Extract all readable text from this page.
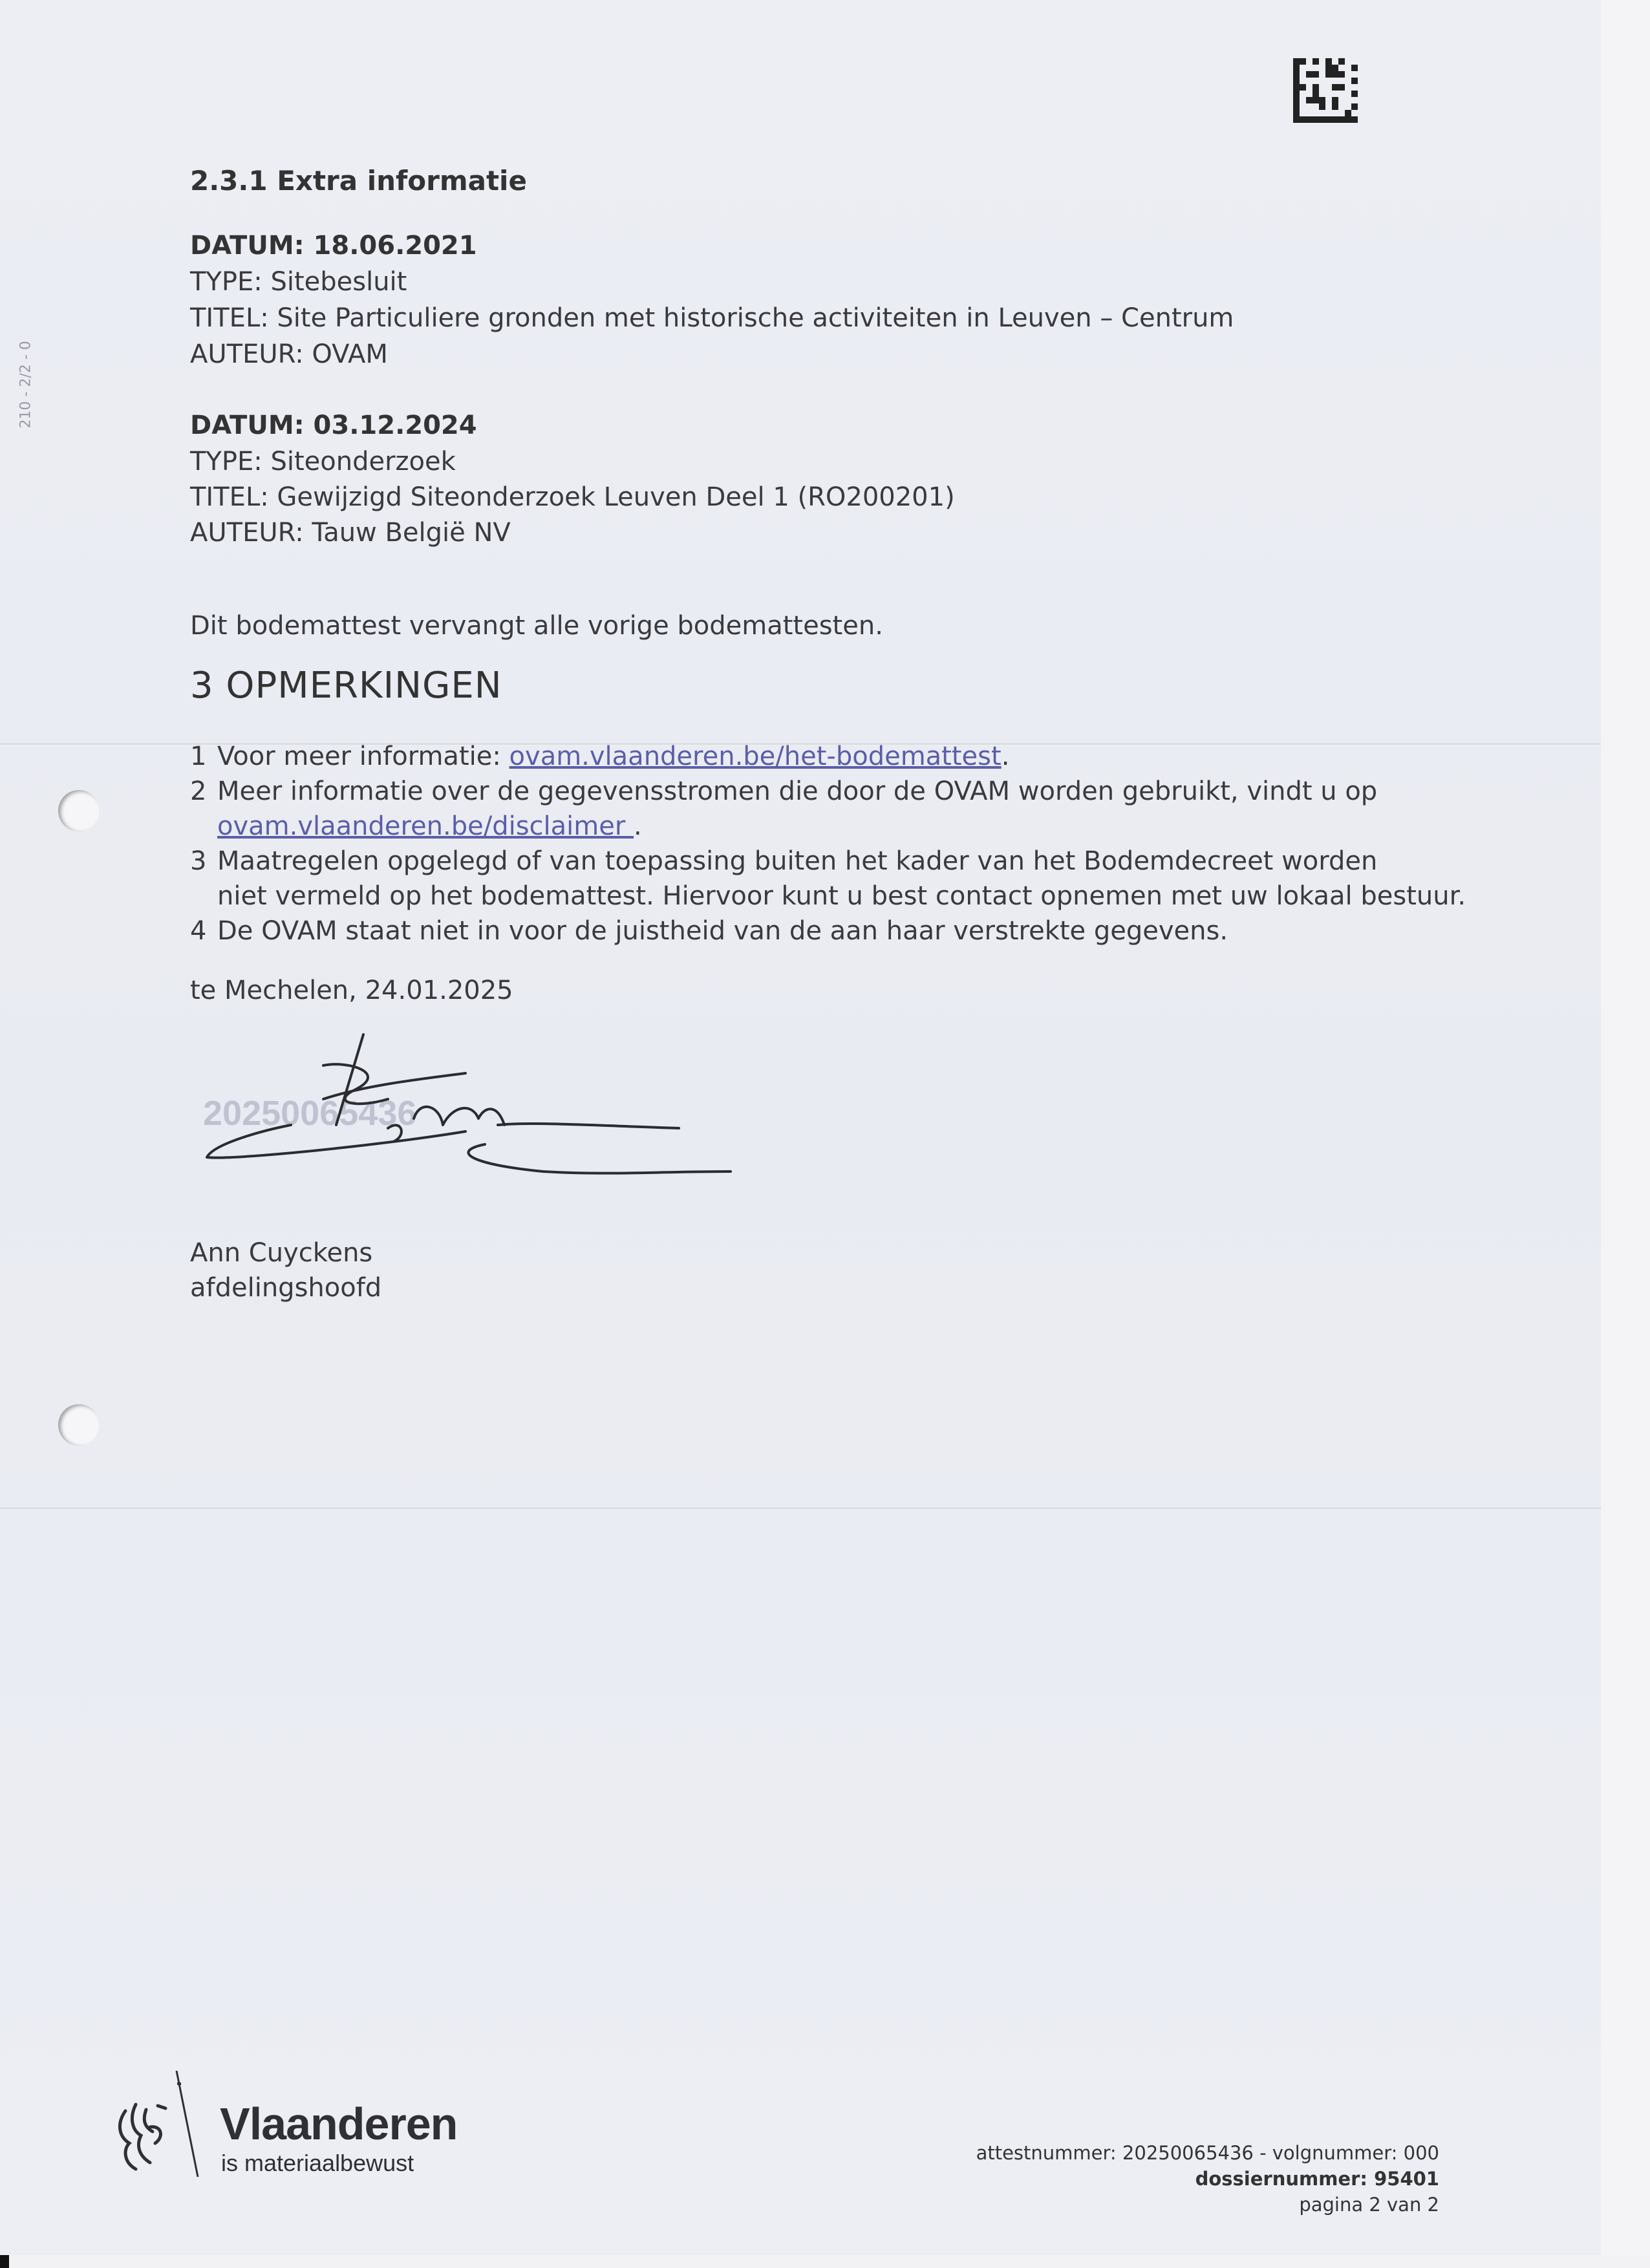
210 - 2/2 - 0
2.3.1 Extra informatie
DATUM: 18.06.2021
TYPE: Sitebesluit
TITEL: Site Particuliere gronden met historische activiteiten in Leuven – Centrum
AUTEUR: OVAM
DATUM: 03.12.2024
TYPE: Siteonderzoek
TITEL: Gewijzigd Siteonderzoek Leuven Deel 1 (RO200201)
AUTEUR: Tauw België NV
Dit bodemattest vervangt alle vorige bodemattesten.
3 OPMERKINGEN
1 Voor meer informatie: ovam.vlaanderen.be/het-bodemattest.
2 Meer informatie over de gegevensstromen die door de OVAM worden gebruikt, vindt u op
ovam.vlaanderen.be/disclaimer .
3 Maatregelen opgelegd of van toepassing buiten het kader van het Bodemdecreet worden
niet vermeld op het bodemattest. Hiervoor kunt u best contact opnemen met uw lokaal bestuur.
4 De OVAM staat niet in voor de juistheid van de aan haar verstrekte gegevens.
te Mechelen, 24.01.2025
20250065436
Ann Cuyckens
afdelingshoofd
Vlaanderen
is materiaalbewust	attestnummer: 20250065436 - volgnummer: 000
dossiernummer: 95401
pagina 2 van 2
